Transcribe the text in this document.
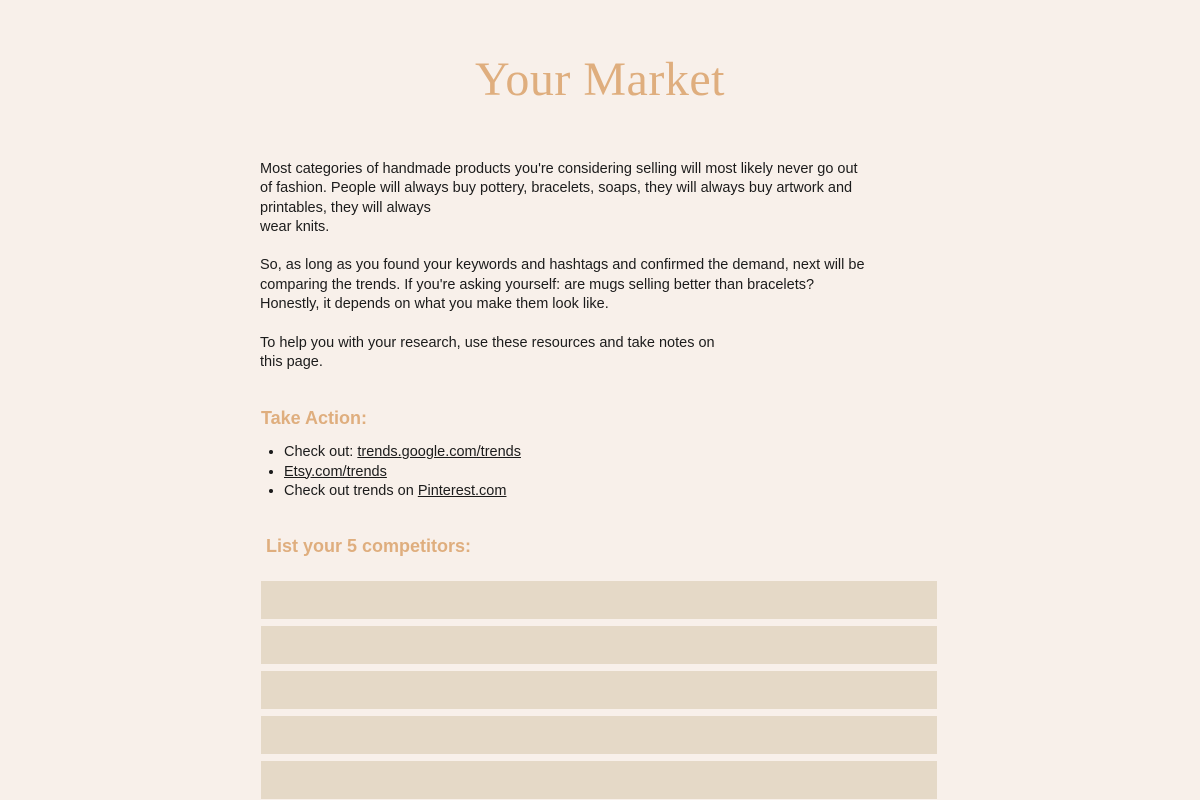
Your Market

Most categories of handmade products you're considering selling will most likely never go out
of fashion. People will always buy pottery, bracelets, soaps, they will always buy artwork and
printables, they will always
wear knits.

So, as long as you found your keywords and hashtags and confirmed the demand, next will be
comparing the trends. If you're asking yourself: are mugs selling better than bracelets?
Honestly, it depends on what you make them look like.

To help you with your research, use these resources and take notes on
this page.

Take Action:
• Check out: trends.google.com/trends
• Etsy.com/trends
• Check out trends on Pinterest.com
List your 5 competitors:
